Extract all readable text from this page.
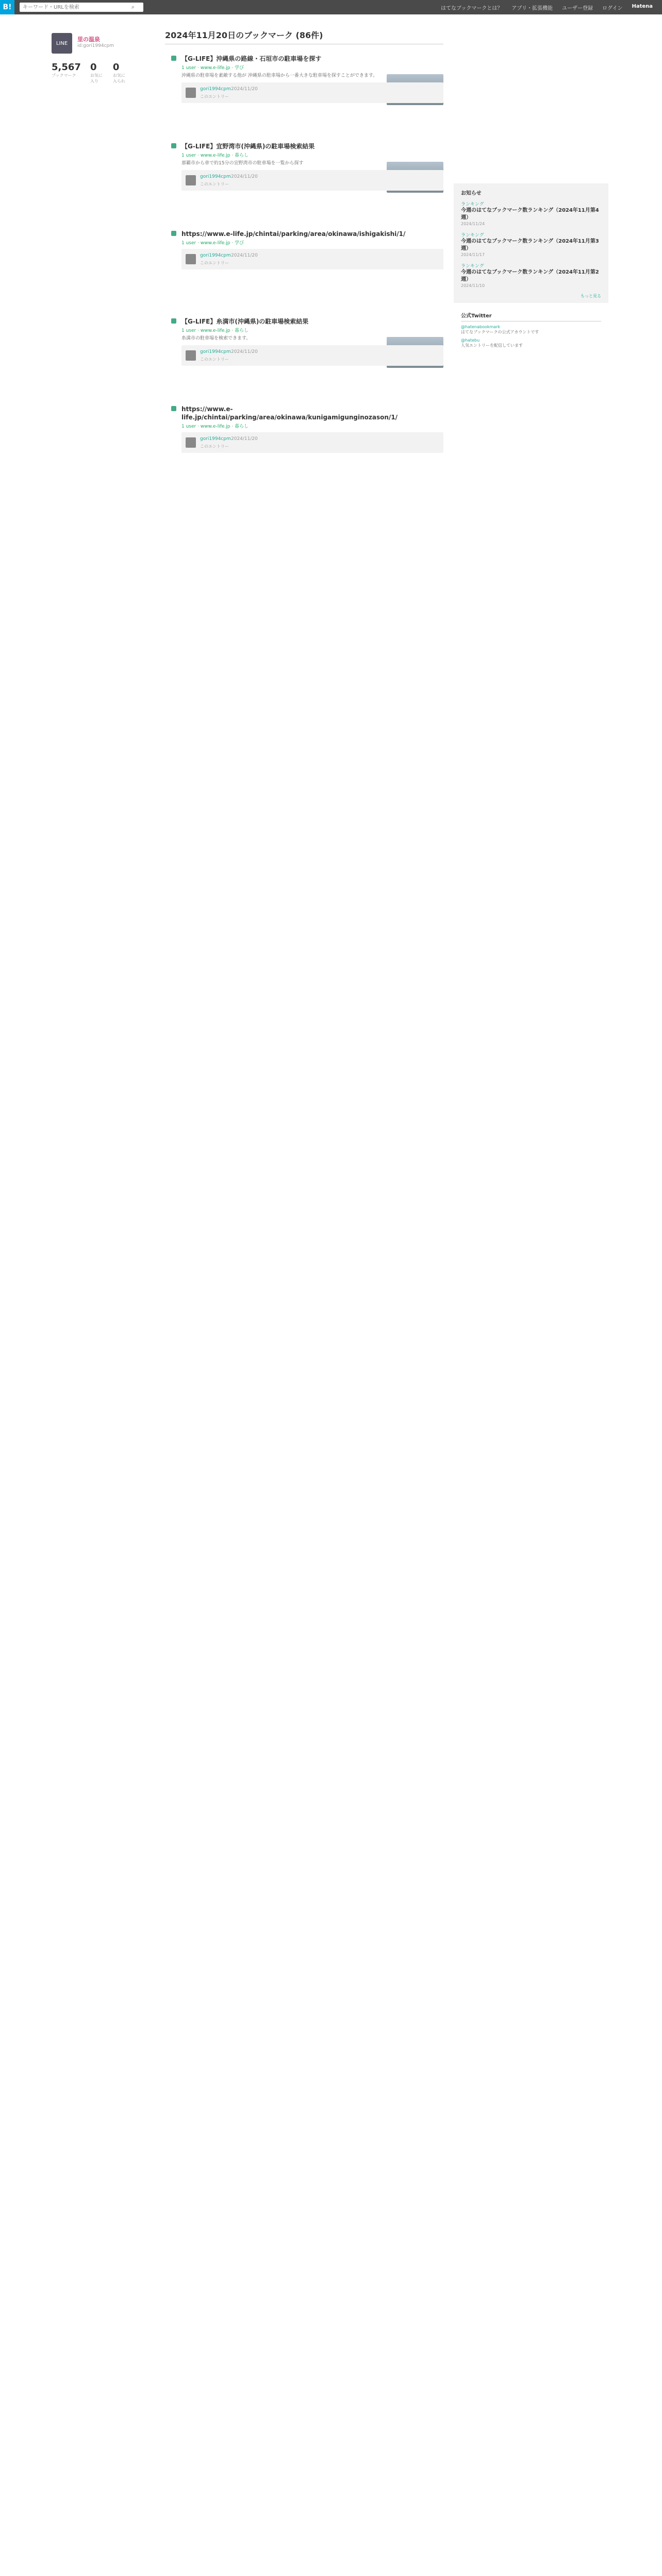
B!
キーワード・URLを検索	⌕	はてなブックマークとは？ アプリ・拡張機能 ユーザー登録 ログイン Hatena
LINE
里の温泉
id:gori1994cpm
5,567
ブックマーク
0
お気に入り
0
お気に入られ
2024年11月20日のブックマーク (86件)
【G-LIFE】沖縄県の路線・石垣市の駐車場を探す
1 user · www.e-life.jp · 学び
沖縄県の駐車場を素敵する他が 沖縄県の駐車場から一番大きな駐車場を探すことができます。
gori1994cpm 2024/11/20
このエントリー
【G-LIFE】宜野湾市(沖縄県)の駐車場検索結果
1 user · www.e-life.jp · 暮らし
那覇市から車で約15分の宜野湾市の駐車場を一覧から探す
gori1994cpm 2024/11/20
このエントリー
https://www.e-life.jp/chintai/parking/area/okinawa/ishigakishi/1/
1 user · www.e-life.jp · 学び
gori1994cpm 2024/11/20
このエントリー
【G-LIFE】糸満市(沖縄県)の駐車場検索結果
1 user · www.e-life.jp · 暮らし
糸満市の駐車場を検索できます。
gori1994cpm 2024/11/20
このエントリー
https://www.e-life.jp/chintai/parking/area/okinawa/kunigamigunginozason/1/
1 user · www.e-life.jp · 暮らし
gori1994cpm 2024/11/20
このエントリー
お知らせ
ランキング
今週のはてなブックマーク数ランキング（2024年11月第4週）
2024/11/24
ランキング
今週のはてなブックマーク数ランキング（2024年11月第3週）
2024/11/17
ランキング
今週のはてなブックマーク数ランキング（2024年11月第2週）
2024/11/10
もっと見る
公式Twitter
@hatenabookmark
はてなブックマークの公式アカウントです
@hatebu
人気エントリーを配信しています
